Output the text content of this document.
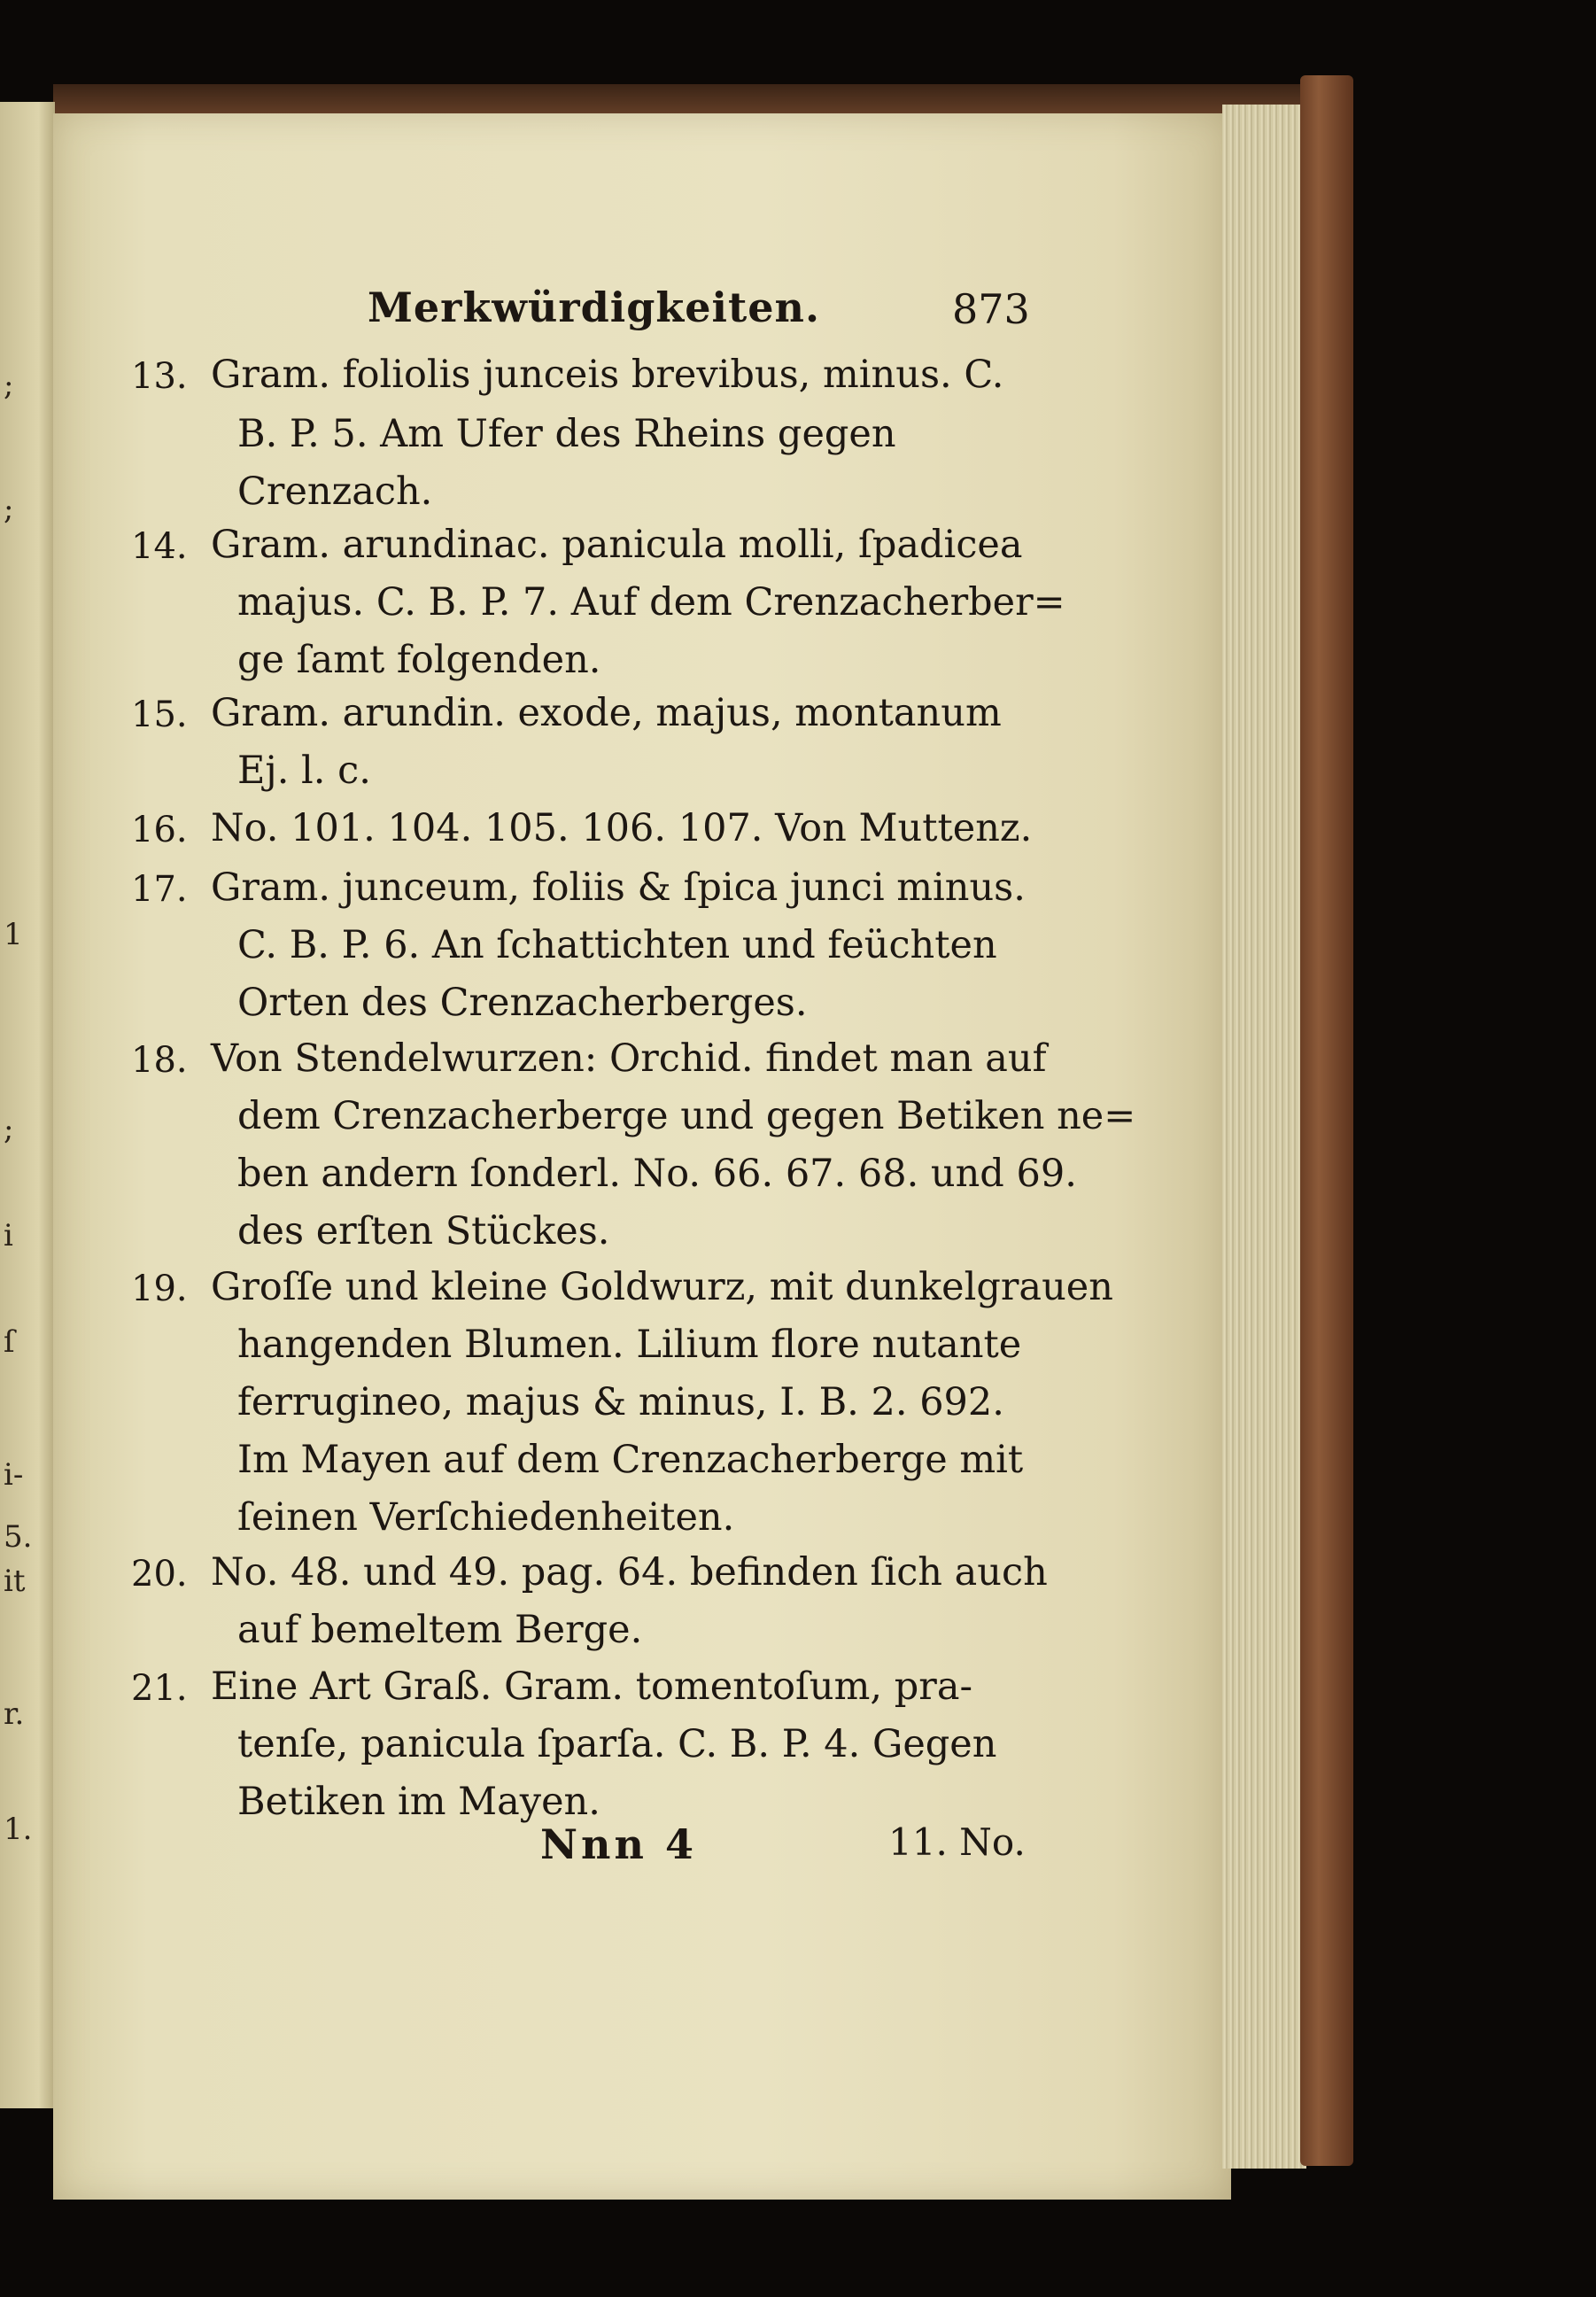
;
;
1
;
i
ſ
i-
5.
it
r.
1.
Merkwürdigkeiten.	873
13. Gram. foliolis junceis brevibus, minus. C.
B. P. 5. Am Ufer des Rheins gegen
Crenzach.
14. Gram. arundinac. panicula molli, ſpadicea
majus. C. B. P. 7. Auf dem Crenzacherber=
ge ſamt folgenden.
15. Gram. arundin. exode, majus, montanum
Ej. l. c.
16. No. 101. 104. 105. 106. 107. Von Muttenz.
17. Gram. junceum, foliis & ſpica junci minus.
C. B. P. 6. An ſchattichten und feüchten
Orten des Crenzacherberges.
18. Von Stendelwurzen: Orchid. findet man auf
dem Crenzacherberge und gegen Betiken ne=
ben andern ſonderl. No. 66. 67. 68. und 69.
des erſten Stückes.
19. Groſſe und kleine Goldwurz, mit dunkelgrauen
hangenden Blumen. Lilium flore nutante
ferrugineo, majus & minus, I. B. 2. 692.
Im Mayen auf dem Crenzacherberge mit
ſeinen Verſchiedenheiten.
20. No. 48. und 49. pag. 64. befinden ſich auch
auf bemeltem Berge.
21. Eine Art Graß. Gram. tomentoſum, pra-
tenſe, panicula ſparſa. C. B. P. 4. Gegen
Betiken im Mayen.
Nnn 4	11. No.
